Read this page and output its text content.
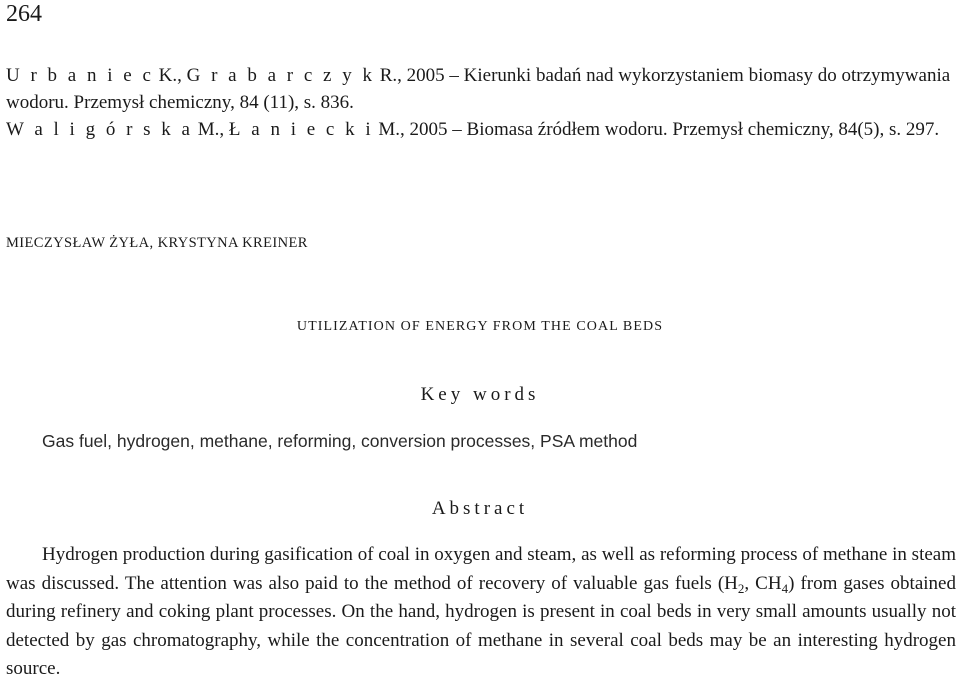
264

U r b a n i e c K., G r a b a r c z y k R., 2005 – Kierunki badań nad wykorzystaniem biomasy do otrzymywania
wodoru. Przemysł chemiczny, 84 (11), s. 836.

W a l i g ó r s k a M., Ł a n i e c k i M., 2005 – Biomasa źródłem wodoru. Przemysł chemiczny, 84(5), s. 297.

MIECZYSŁAW ŻYŁA, KRYSTYNA KREINER
UTILIZATION OF ENERGY FROM THE COAL BEDS
Key words
Gas fuel, hydrogen, methane, reforming, conversion processes, PSA method
Abstract

Hydrogen production during gasification of coal in oxygen and steam, as well as reforming process of methane in steam was discussed. The attention was also paid to the method of recovery of valuable gas fuels ($H_2$, $CH_4$) from gases obtained during refinery and coking plant processes. On the hand, hydrogen is present in coal beds in very small amounts usually not detected by gas chromatography, while the concentration of methane in several coal beds may be an interesting hydrogen source.
